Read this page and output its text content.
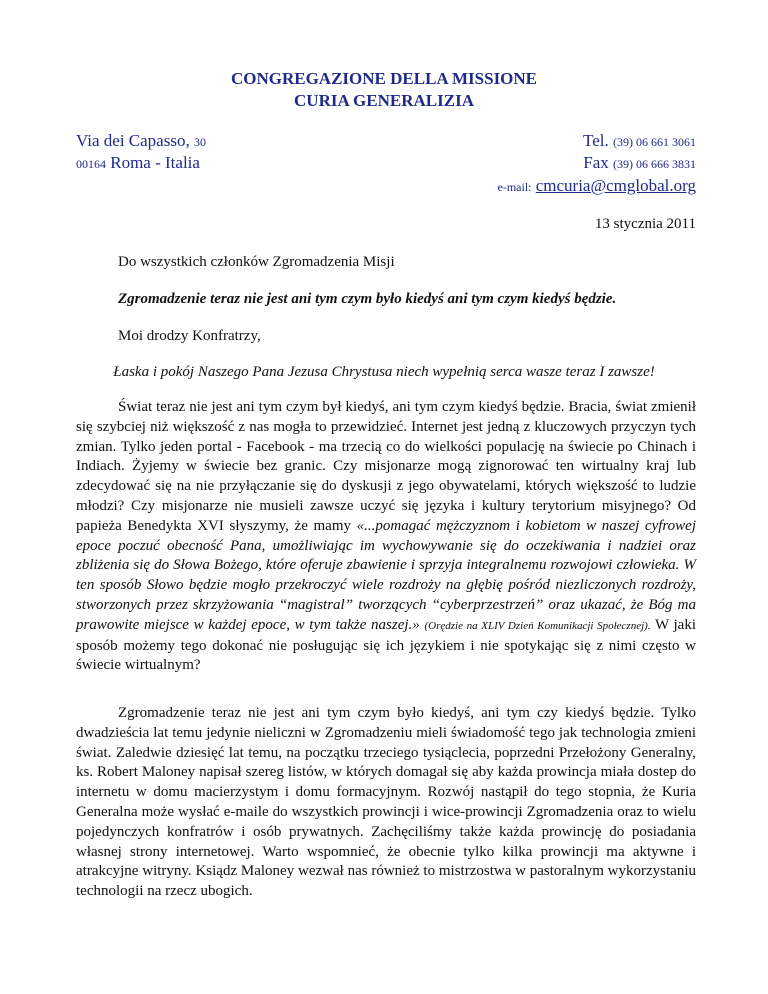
CONGREGAZIONE DELLA MISSIONE
CURIA GENERALIZIA
Via dei Capasso, 30
00164 Roma - Italia
Tel. (39) 06 661 3061
Fax (39) 06 666 3831
e-mail: cmcuria@cmglobal.org
13 stycznia 2011
Do wszystkich członków Zgromadzenia Misji
Zgromadzenie teraz nie jest ani tym czym było kiedyś ani tym czym kiedyś będzie.
Moi drodzy Konfratrzy,
Łaska i pokój Naszego Pana Jezusa Chrystusa niech wypełnią serca wasze teraz I zawsze!

Świat teraz nie jest ani tym czym był kiedyś, ani tym czym kiedyś będzie. Bracia, świat zmienił się szybciej niż większość z nas mogła to przewidzieć. Internet jest jedną z kluczowych przyczyn tych zmian. Tylko jeden portal - Facebook - ma trzecią co do wielkości populację na świecie po Chinach i Indiach. Żyjemy w świecie bez granic. Czy misjonarze mogą zignorować ten wirtualny kraj lub zdecydować się na nie przyłączanie się do dyskusji z jego obywatelami, których większość to ludzie młodzi? Czy misjonarze nie musieli zawsze uczyć się języka i kultury terytorium misyjnego? Od papieża Benedykta XVI słyszymy, że mamy «...pomagać mężczyznom i kobietom w naszej cyfrowej epoce poczuć obecność Pana, umożliwiając im wychowywanie się do oczekiwania i nadziei oraz zbliżenia się do Słowa Bożego, które oferuje zbawienie i sprzyja integralnemu rozwojowi człowieka. W ten sposób Słowo będzie mogło przekroczyć wiele rozdroży na głębię pośród niezliczonych rozdroży, stworzonych przez skrzyżowania “magistral” tworzących “cyberprzestrzeń” oraz ukazać, że Bóg ma prawowite miejsce w każdej epoce, w tym także naszej.» (Orędzie na XLIV Dzień Komunikacji Społecznej). W jaki sposób możemy tego dokonać nie posługując się ich językiem i nie spotykając się z nimi często w świecie wirtualnym?

Zgromadzenie teraz nie jest ani tym czym było kiedyś, ani tym czy kiedyś będzie. Tylko dwadzieścia lat temu jedynie nieliczni w Zgromadzeniu mieli świadomość tego jak technologia zmieni świat. Zaledwie dziesięć lat temu, na początku trzeciego tysiąclecia, poprzedni Przełożony Generalny, ks. Robert Maloney napisał szereg listów, w których domagał się aby każda prowincja miała dostep do internetu w domu macierzystym i domu formacyjnym. Rozwój nastąpił do tego stopnia, że Kuria Generalna może wysłać e-maile do wszystkich prowincji i wice-prowincji Zgromadzenia oraz to wielu pojedynczych konfratrów i osób prywatnych. Zachęciliśmy także każda prowincję do posiadania własnej strony internetowej. Warto wspomnieć, że obecnie tylko kilka prowincji ma aktywne i atrakcyjne witryny. Ksiądz Maloney wezwał nas również to mistrzostwa w pastoralnym wykorzystaniu technologii na rzecz ubogich.
